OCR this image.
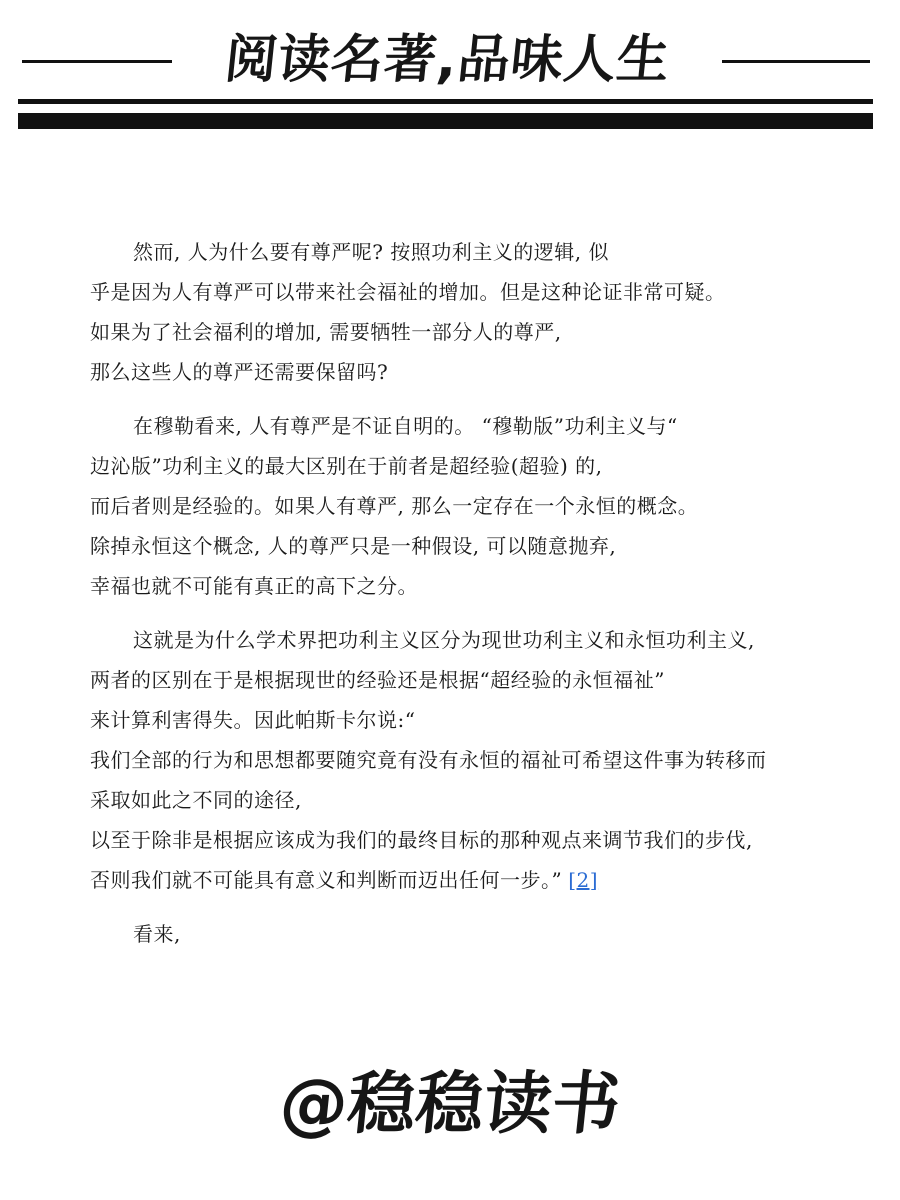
阅读名著,品味人生
然而, 人为什么要有尊严呢? 按照功利主义的逻辑, 似
乎是因为人有尊严可以带来社会福祉的增加。但是这种论证非常可疑。
如果为了社会福利的增加, 需要牺牲一部分人的尊严,
那么这些人的尊严还需要保留吗?
在穆勒看来, 人有尊严是不证自明的。 “穆勒版”功利主义与“
边沁版”功利主义的最大区别在于前者是超经验(超验) 的,
而后者则是经验的。如果人有尊严, 那么一定存在一个永恒的概念。
除掉永恒这个概念, 人的尊严只是一种假设, 可以随意抛弃,
幸福也就不可能有真正的高下之分。
这就是为什么学术界把功利主义区分为现世功利主义和永恒功利主义,
两者的区别在于是根据现世的经验还是根据“超经验的永恒福祉”
来计算利害得失。因此帕斯卡尔说:“
我们全部的行为和思想都要随究竟有没有永恒的福祉可希望这件事为转移而
采取如此之不同的途径,
以至于除非是根据应该成为我们的最终目标的那种观点来调节我们的步伐,
否则我们就不可能具有意义和判断而迈出任何一步。” [2]
看来,
@稳稳读书
